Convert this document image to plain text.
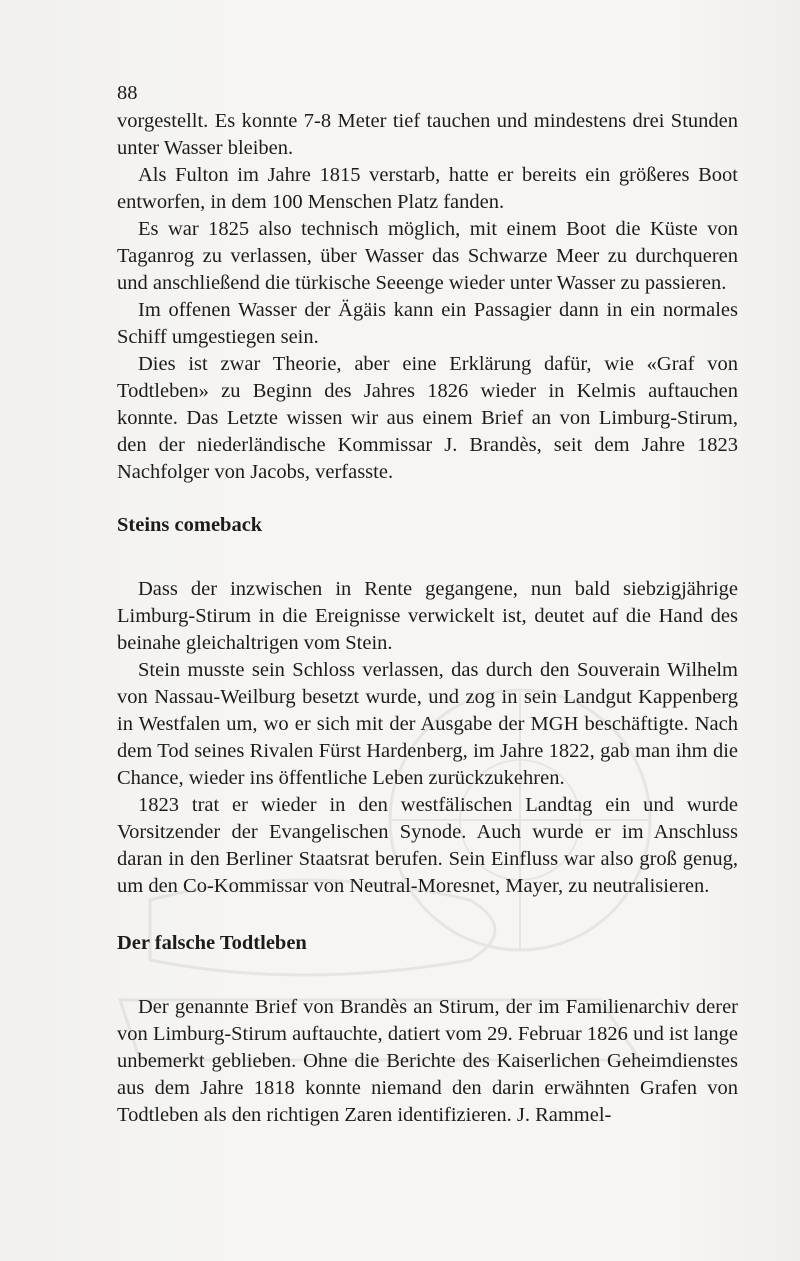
88

vorgestellt. Es konnte 7-8 Meter tief tauchen und mindestens drei Stunden unter Wasser bleiben.

Als Fulton im Jahre 1815 verstarb, hatte er bereits ein größeres Boot entworfen, in dem 100 Menschen Platz fanden.

Es war 1825 also technisch möglich, mit einem Boot die Küste von Taganrog zu verlassen, über Wasser das Schwarze Meer zu durchqueren und anschließend die türkische Seeenge wieder unter Wasser zu passieren.

Im offenen Wasser der Ägäis kann ein Passagier dann in ein normales Schiff umgestiegen sein.

Dies ist zwar Theorie, aber eine Erklärung dafür, wie «Graf von Todtleben» zu Beginn des Jahres 1826 wieder in Kelmis auftauchen konnte. Das Letzte wissen wir aus einem Brief an von Limburg-Stirum, den der niederländische Kommissar J. Brandès, seit dem Jahre 1823 Nachfolger von Jacobs, verfasste.

Steins comeback

Dass der inzwischen in Rente gegangene, nun bald siebzigjährige Limburg-Stirum in die Ereignisse verwickelt ist, deutet auf die Hand des beinahe gleichaltrigen vom Stein.

Stein musste sein Schloss verlassen, das durch den Souverain Wilhelm von Nassau-Weilburg besetzt wurde, und zog in sein Landgut Kappenberg in Westfalen um, wo er sich mit der Ausgabe der MGH beschäftigte. Nach dem Tod seines Rivalen Fürst Hardenberg, im Jahre 1822, gab man ihm die Chance, wieder ins öffentliche Leben zurückzukehren.

1823 trat er wieder in den westfälischen Landtag ein und wurde Vorsitzender der Evangelischen Synode. Auch wurde er im Anschluss daran in den Berliner Staatsrat berufen. Sein Einfluss war also groß genug, um den Co-Kommissar von Neutral-Moresnet, Mayer, zu neutralisieren.

Der falsche Todtleben

Der genannte Brief von Brandès an Stirum, der im Familienarchiv derer von Limburg-Stirum auftauchte, datiert vom 29. Februar 1826 und ist lange unbemerkt geblieben. Ohne die Berichte des Kaiserlichen Geheimdienstes aus dem Jahre 1818 konnte niemand den darin erwähnten Grafen von Todtleben als den richtigen Zaren identifizieren. J. Rammel-
